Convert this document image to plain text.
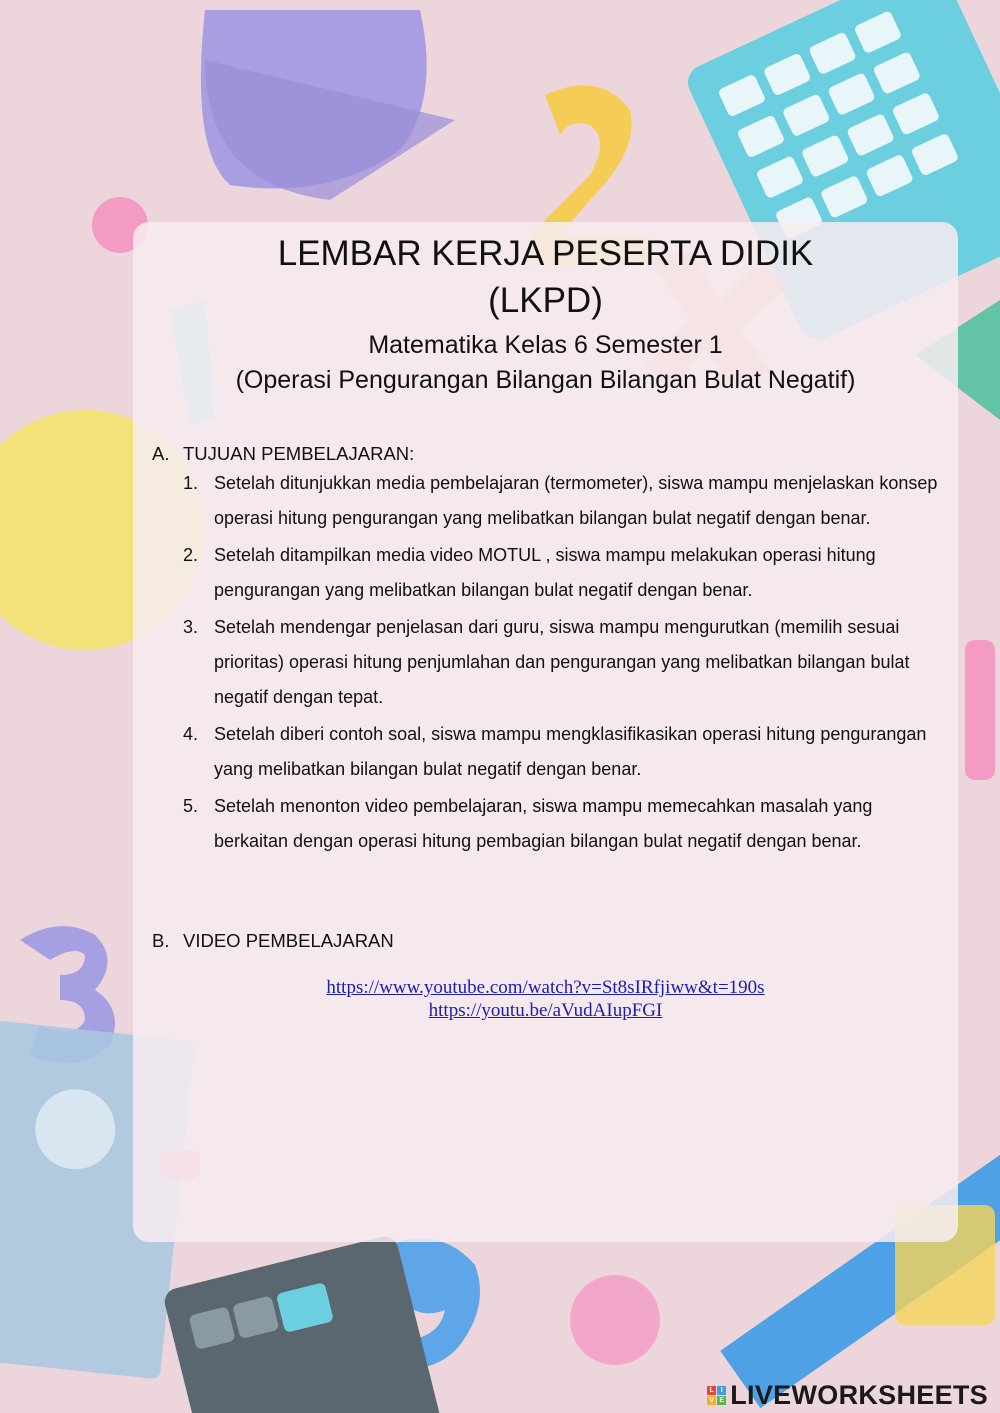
LEMBAR KERJA PESERTA DIDIK
(LKPD)
Matematika Kelas 6 Semester 1
(Operasi Pengurangan Bilangan Bilangan Bulat Negatif)
A. TUJUAN PEMBELAJARAN:
1. Setelah ditunjukkan media pembelajaran (termometer), siswa mampu menjelaskan konsep operasi hitung pengurangan yang melibatkan bilangan bulat negatif dengan benar.
2. Setelah ditampilkan media video MOTUL , siswa mampu melakukan operasi hitung pengurangan yang melibatkan bilangan bulat negatif dengan benar.
3. Setelah mendengar penjelasan dari guru, siswa mampu mengurutkan (memilih sesuai prioritas) operasi hitung penjumlahan dan pengurangan yang melibatkan bilangan bulat negatif dengan tepat.
4. Setelah diberi contoh soal, siswa mampu mengklasifikasikan operasi hitung pengurangan yang melibatkan bilangan bulat negatif dengan benar.
5. Setelah menonton video pembelajaran, siswa mampu memecahkan masalah yang berkaitan dengan operasi hitung pembagian bilangan bulat negatif dengan benar.
B. VIDEO PEMBELAJARAN
https://www.youtube.com/watch?v=St8sIRfjiww&t=190s
https://youtu.be/aVudAIupFGI
L I
V E LIVEWORKSHEETS
